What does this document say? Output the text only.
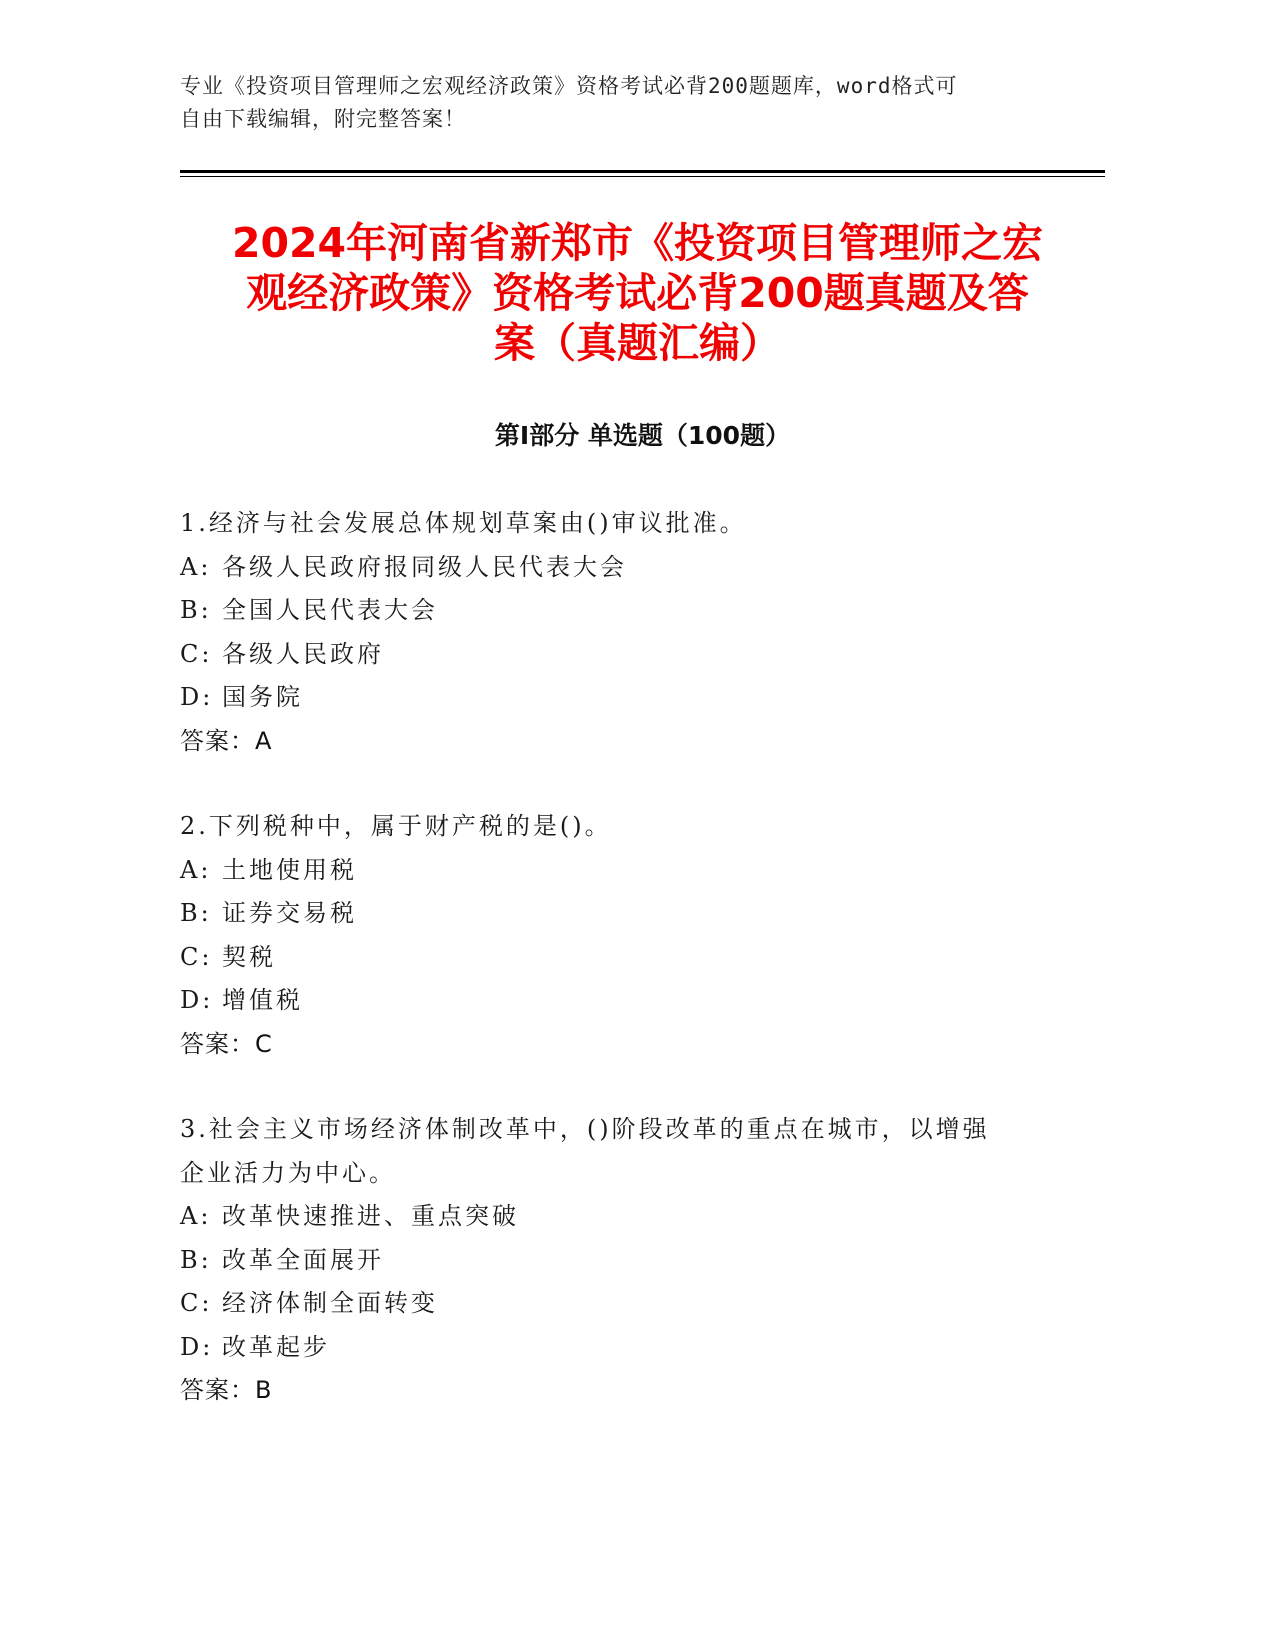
专业《投资项目管理师之宏观经济政策》资格考试必背200题题库，word格式可
自由下载编辑，附完整答案！
2024年河南省新郑市《投资项目管理师之宏
观经济政策》资格考试必背200题真题及答
案（真题汇编）
第Ⅰ部分 单选题（100题）
1.经济与社会发展总体规划草案由()审议批准。
A: 各级人民政府报同级人民代表大会
B: 全国人民代表大会
C: 各级人民政府
D: 国务院
答案：A
2.下列税种中，属于财产税的是()。
A: 土地使用税
B: 证券交易税
C: 契税
D: 增值税
答案：C
3.社会主义市场经济体制改革中，()阶段改革的重点在城市，以增强
企业活力为中心。
A: 改革快速推进、重点突破
B: 改革全面展开
C: 经济体制全面转变
D: 改革起步
答案：B
